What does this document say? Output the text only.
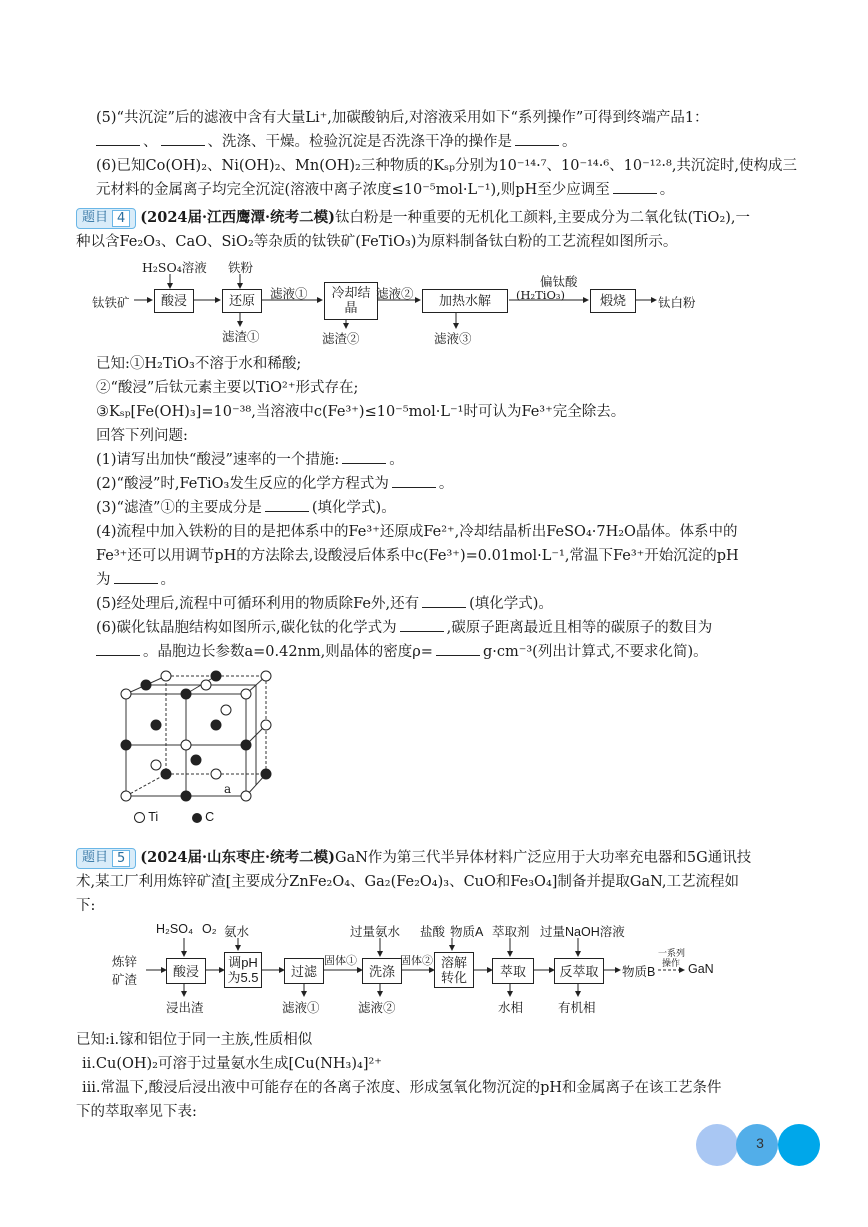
(5)“共沉淀”后的滤液中含有大量Li⁺,加碳酸钠后,对溶液采用如下“系列操作”可得到终端产品1：
、	、洗涤、干燥。检验沉淀是否洗涤干净的操作是	。
(6)已知Co(OH)₂、Ni(OH)₂、Mn(OH)₂三种物质的Kₛₚ分别为10⁻¹⁴·⁷、10⁻¹⁴·⁶、10⁻¹²·⁸,共沉淀时,使构成三
元材料的金属离子均完全沉淀(溶液中离子浓度≤10⁻⁵mol·L⁻¹),则pH至少应调至	。
题目 4	(2024届·江西鹰潭·统考二模)钛白粉是一种重要的无机化工颜料,主要成分为二氧化钛(TiO₂),一
种以含Fe₂O₃、CaO、SiO₂等杂质的钛铁矿(FeTiO₃)为原料制备钛白粉的工艺流程如图所示。
钛铁矿
H₂SO₄溶液 铁粉
酸浸	还原	滤液①	冷却结晶
滤液②	加热水解
偏钛酸
(H₂TiO₃)	煅烧	钛白粉
滤渣①	滤渣②	滤液③
已知:①H₂TiO₃不溶于水和稀酸;
②“酸浸”后钛元素主要以TiO²⁺形式存在;
③Kₛₚ[Fe(OH)₃]=10⁻³⁸,当溶液中c(Fe³⁺)≤10⁻⁵mol·L⁻¹时可认为Fe³⁺完全除去。
回答下列问题:
(1)请写出加快“酸浸”速率的一个措施:	。
(2)“酸浸”时,FeTiO₃发生反应的化学方程式为	。
(3)“滤渣”①的主要成分是	(填化学式)。
(4)流程中加入铁粉的目的是把体系中的Fe³⁺还原成Fe²⁺,冷却结晶析出FeSO₄·7H₂O晶体。体系中的
Fe³⁺还可以用调节pH的方法除去,设酸浸后体系中c(Fe³⁺)=0.01mol·L⁻¹,常温下Fe³⁺开始沉淀的pH
为	。
(5)经处理后,流程中可循环利用的物质除Fe外,还有	(填化学式)。
(6)碳化钛晶胞结构如图所示,碳化钛的化学式为	,碳原子距离最近且相等的碳原子的数目为
。晶胞边长参数a=0.42nm,则晶体的密度ρ=	g·cm⁻³(列出计算式,不要求化简)。
a
Ti	C
题目 5	(2024届·山东枣庄·统考二模)GaN作为第三代半异体材料广泛应用于大功率充电器和5G通讯技
术,某工厂利用炼锌矿渣[主要成分ZnFe₂O₄、Ga₂(Fe₂O₄)₃、CuO和Fe₃O₄]制备并提取GaN,工艺流程如
下:
炼锌
矿渣
H₂SO₄ O₂ 氨水	过量氨水 盐酸 物质A 萃取剂 过量NaOH溶液
酸浸
调pH
为5.5	过滤
固体①
洗涤
固体② 溶解
转化	萃取	反萃取	物质B
一系列
操作 GaN
浸出渣	滤液①	滤液②	水相	有机相
已知:ⅰ.镓和铝位于同一主族,性质相似
ⅱ.Cu(OH)₂可溶于过量氨水生成[Cu(NH₃)₄]²⁺
ⅲ.常温下,酸浸后浸出液中可能存在的各离子浓度、形成氢氧化物沉淀的pH和金属离子在该工艺条件
下的萃取率见下表:
3
